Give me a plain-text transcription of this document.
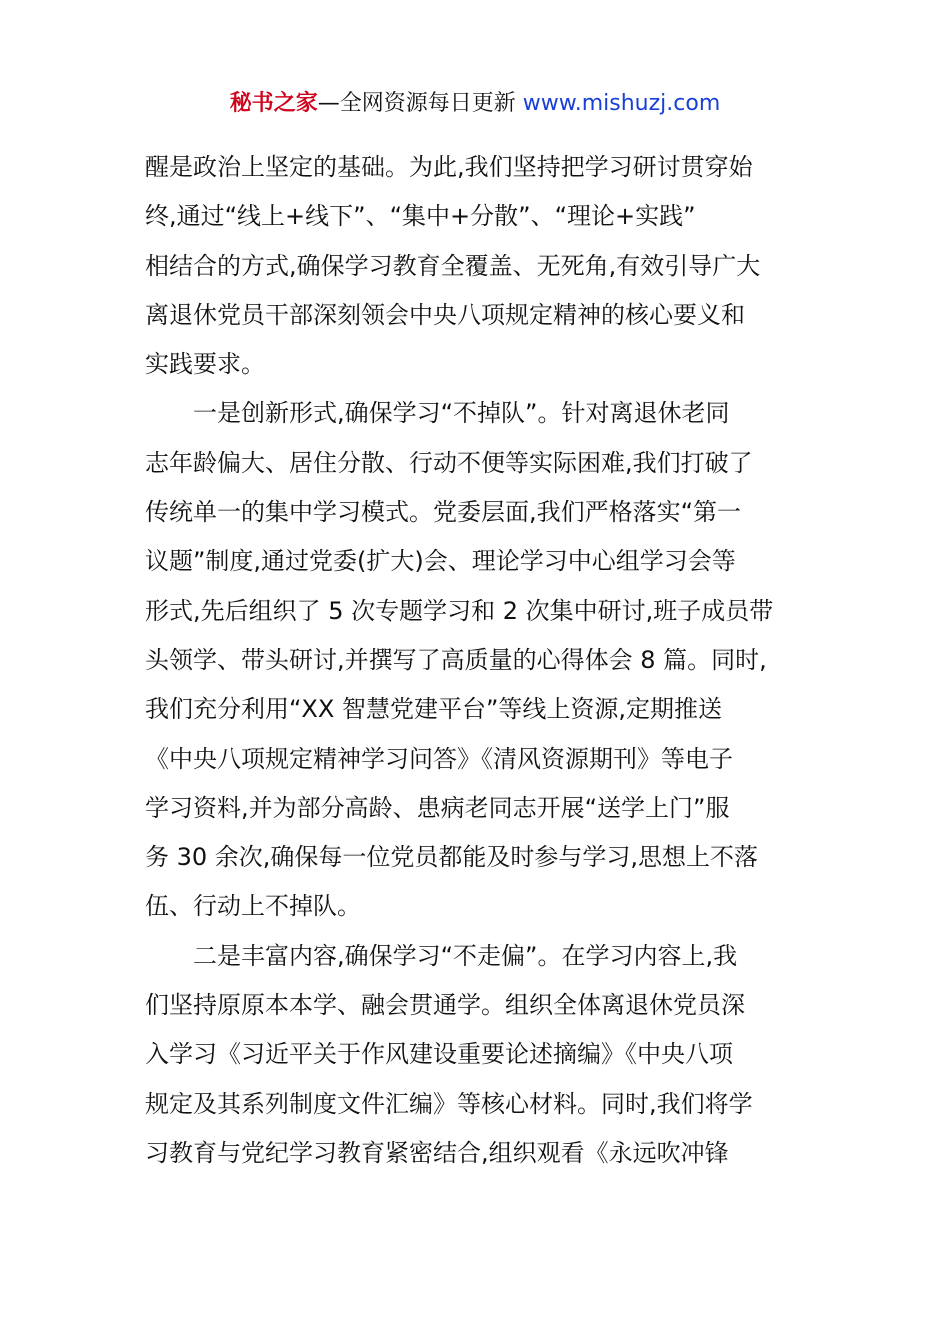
秘书之家—全网资源每日更新 www.mishuzj.com
醒是政治上坚定的基础。为此,我们坚持把学习研讨贯穿始
终,通过“线上+线下”、“集中+分散”、“理论+实践”
相结合的方式,确保学习教育全覆盖、无死角,有效引导广大
离退休党员干部深刻领会中央八项规定精神的核心要义和
实践要求。
一是创新形式,确保学习“不掉队”。针对离退休老同
志年龄偏大、居住分散、行动不便等实际困难,我们打破了
传统单一的集中学习模式。党委层面,我们严格落实“第一
议题”制度,通过党委(扩大)会、理论学习中心组学习会等
形式,先后组织了 5 次专题学习和 2 次集中研讨,班子成员带
头领学、带头研讨,并撰写了高质量的心得体会 8 篇。同时,
我们充分利用“XX 智慧党建平台”等线上资源,定期推送
《中央八项规定精神学习问答》《清风资源期刊》等电子
学习资料,并为部分高龄、患病老同志开展“送学上门”服
务 30 余次,确保每一位党员都能及时参与学习,思想上不落
伍、行动上不掉队。
二是丰富内容,确保学习“不走偏”。在学习内容上,我
们坚持原原本本学、融会贯通学。组织全体离退休党员深
入学习《习近平关于作风建设重要论述摘编》《中央八项
规定及其系列制度文件汇编》等核心材料。同时,我们将学
习教育与党纪学习教育紧密结合,组织观看《永远吹冲锋
